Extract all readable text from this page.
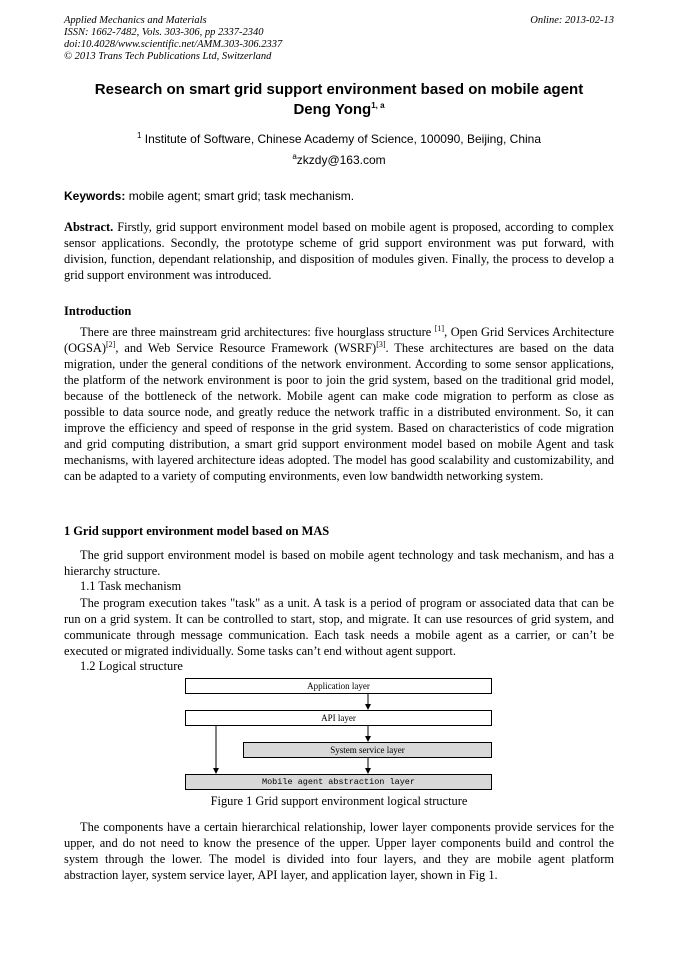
Applied Mechanics and Materials
ISSN: 1662-7482, Vols. 303-306, pp 2337-2340
doi:10.4028/www.scientific.net/AMM.303-306.2337
© 2013 Trans Tech Publications Ltd, Switzerland
Online: 2013-02-13
Research on smart grid support environment based on mobile agent
Deng Yong$^{1, a}$
$^1$ Institute of Software, Chinese Academy of Science, 100090, Beijing, China
$^a$zkzdy@163.com
Keywords: mobile agent; smart grid; task mechanism.
Abstract. Firstly, grid support environment model based on mobile agent is proposed, according to complex sensor applications. Secondly, the prototype scheme of grid support environment was put forward, with division, function, dependant relationship, and disposition of modules given. Finally, the process to develop a grid support environment was introduced.
Introduction
There are three mainstream grid architectures: five hourglass structure [1], Open Grid Services Architecture (OGSA)[2], and Web Service Resource Framework (WSRF)[3]. These architectures are based on the data migration, under the general conditions of the network environment. According to some sensor applications, the platform of the network environment is poor to join the grid system, based on the traditional grid model, because of the bottleneck of the network. Mobile agent can make code migration to perform as close as possible to data source node, and greatly reduce the network traffic in a distributed environment. So, it can improve the efficiency and speed of response in the grid system. Based on characteristics of code migration and grid computing distribution, a smart grid support environment model based on mobile Agent and task mechanisms, with layered architecture ideas adopted. The model has good scalability and customizability, and can be adapted to a variety of computing environments, even low bandwidth networking system.
1 Grid support environment model based on MAS
The grid support environment model is based on mobile agent technology and task mechanism, and has a hierarchy structure.
1.1 Task mechanism
The program execution takes "task" as a unit. A task is a period of program or associated data that can be run on a grid system. It can be controlled to start, stop, and migrate. It can use resources of grid system, and communicate through message communication. Each task needs a mobile agent as a carrier, or can’t be executed or migrated individually. Some tasks can’t end without agent support.
1.2 Logical structure
Application layer
API layer
System service layer
Mobile agent abstraction layer
Figure 1 Grid support environment logical structure
The components have a certain hierarchical relationship, lower layer components provide services for the upper, and do not need to know the presence of the upper. Upper layer components build and control the system through the lower. The model is divided into four layers, and they are mobile agent platform abstraction layer, system service layer, API layer, and application layer, shown in Fig 1.
